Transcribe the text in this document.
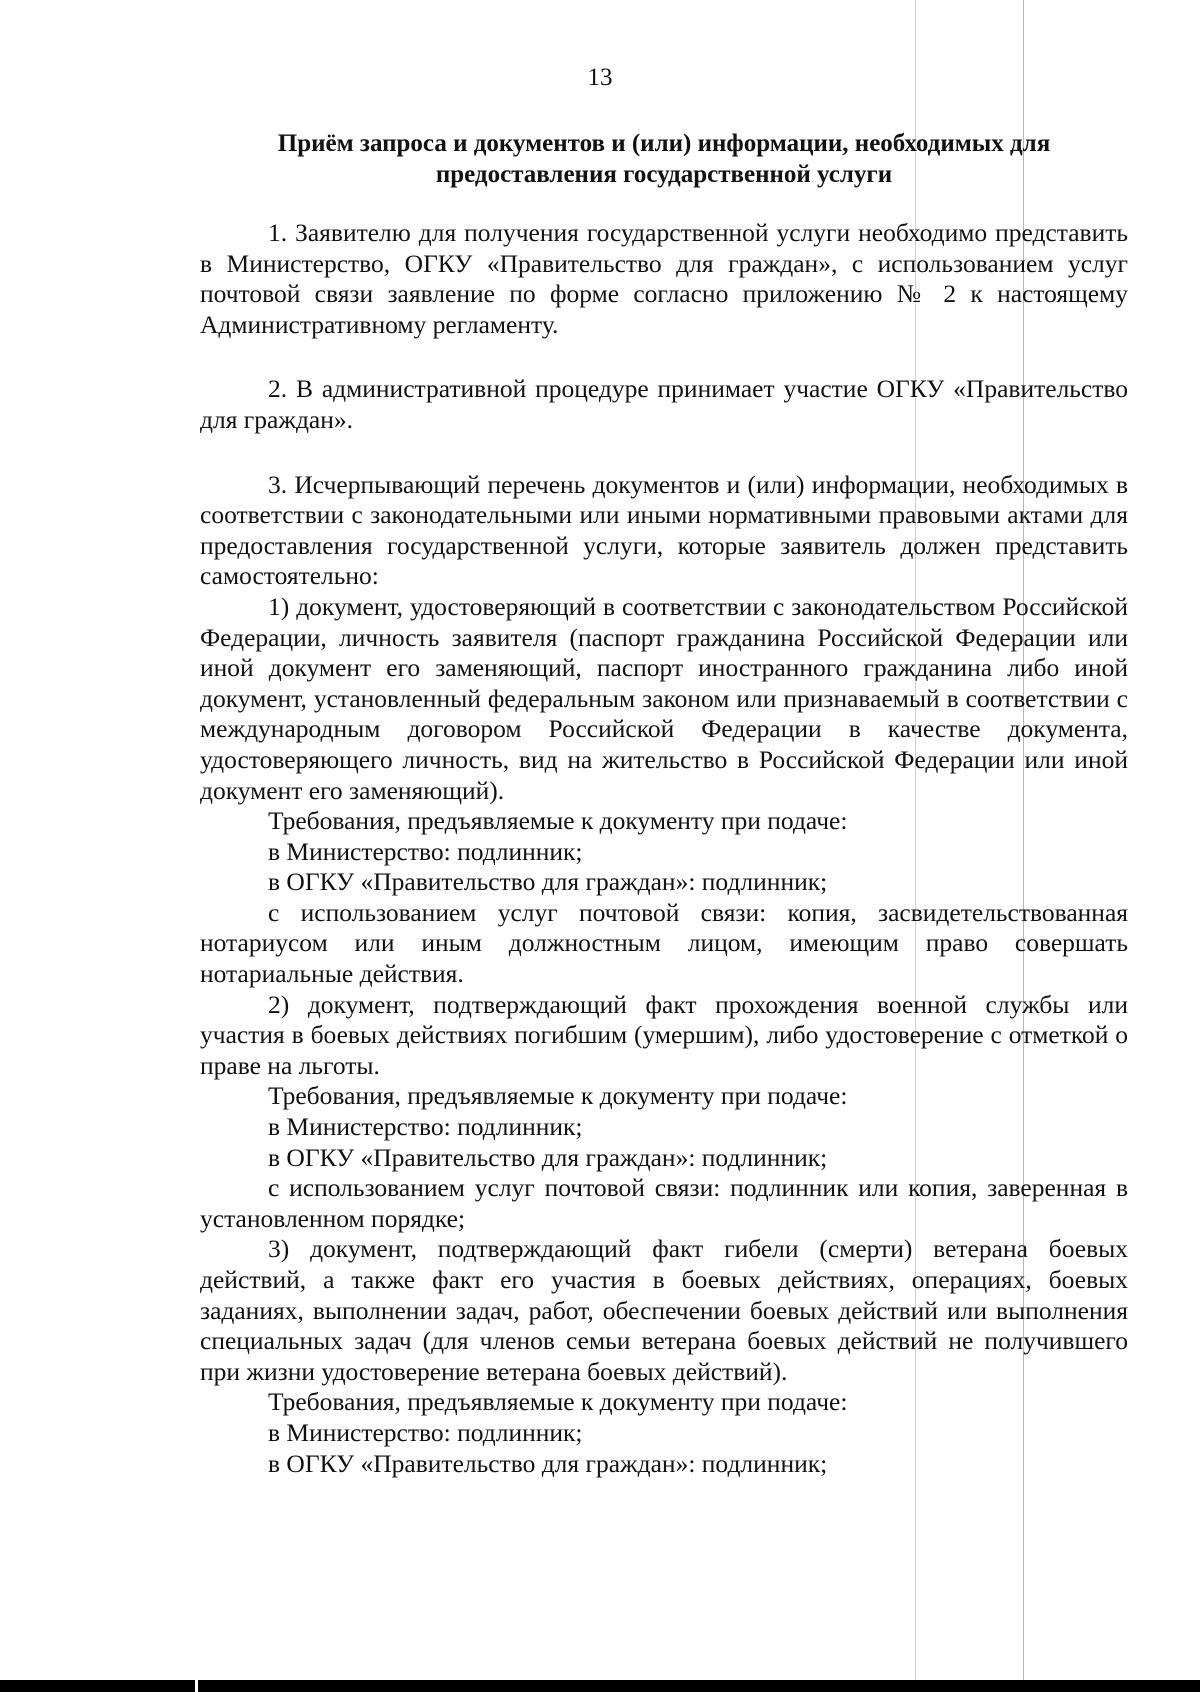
13
Приём запроса и документов и (или) информации, необходимых для предоставления государственной услуги

1. Заявителю для получения государственной услуги необходимо представить в Министерство, ОГКУ «Правительство для граждан», с использованием услуг почтовой связи заявление по форме согласно приложению № 2 к настоящему Административному регламенту.

2. В административной процедуре принимает участие ОГКУ «Правительство для граждан».

3. Исчерпывающий перечень документов и (или) информации, необходимых в соответствии с законодательными или иными нормативными правовыми актами для предоставления государственной услуги, которые заявитель должен представить самостоятельно:

1) документ, удостоверяющий в соответствии с законодательством Российской Федерации, личность заявителя (паспорт гражданина Российской Федерации или иной документ его заменяющий, паспорт иностранного гражданина либо иной документ, установленный федеральным законом или признаваемый в соответствии с международным договором Российской Федерации в качестве документа, удостоверяющего личность, вид на жительство в Российской Федерации или иной документ его заменяющий).

Требования, предъявляемые к документу при подаче:

в Министерство: подлинник;

в ОГКУ «Правительство для граждан»: подлинник;

с использованием услуг почтовой связи: копия, засвидетельствованная нотариусом или иным должностным лицом, имеющим право совершать нотариальные действия.

2) документ, подтверждающий факт прохождения военной службы или участия в боевых действиях погибшим (умершим), либо удостоверение с отметкой о праве на льготы.

Требования, предъявляемые к документу при подаче:

в Министерство: подлинник;

в ОГКУ «Правительство для граждан»: подлинник;

с использованием услуг почтовой связи: подлинник или копия, заверенная в установленном порядке;

3) документ, подтверждающий факт гибели (смерти) ветерана боевых действий, а также факт его участия в боевых действиях, операциях, боевых заданиях, выполнении задач, работ, обеспечении боевых действий или выполнения специальных задач (для членов семьи ветерана боевых действий не получившего при жизни удостоверение ветерана боевых действий).

Требования, предъявляемые к документу при подаче:

в Министерство: подлинник;

в ОГКУ «Правительство для граждан»: подлинник;
